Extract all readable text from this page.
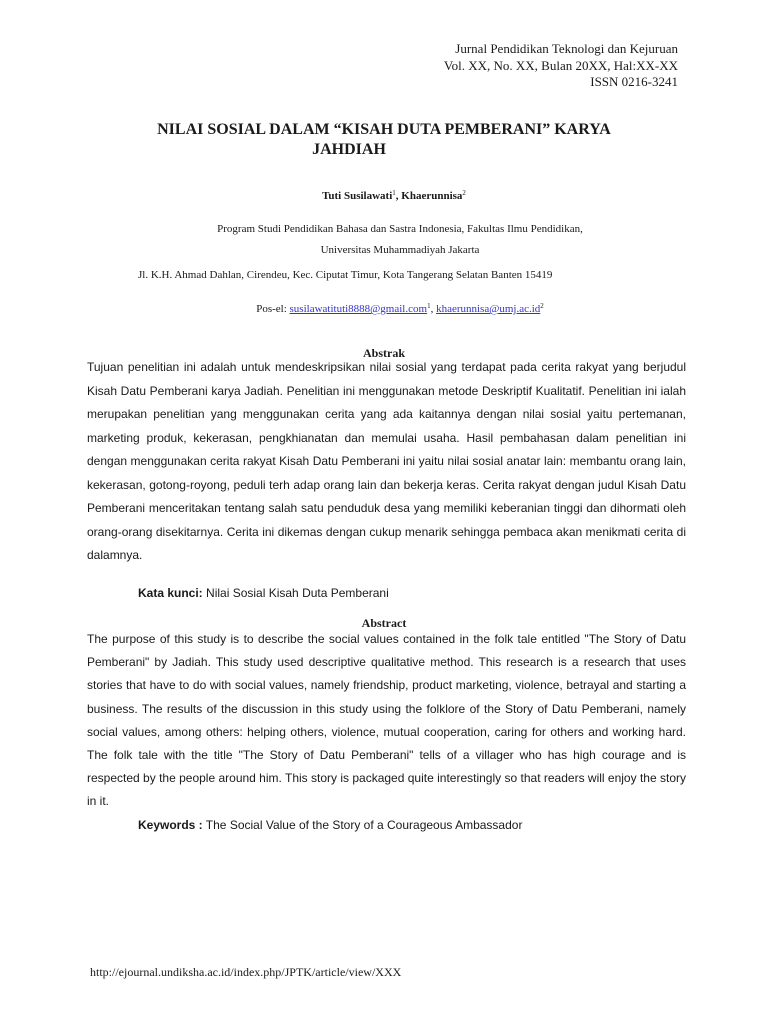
Jurnal Pendidikan Teknologi dan Kejuruan
Vol. XX, No. XX, Bulan 20XX, Hal:XX-XX
ISSN 0216-3241
NILAI SOSIAL DALAM “KISAH DUTA PEMBERANI” KARYA
JAHDIAH
Tuti Susilawati$^1$, Khaerunnisa$^2$
Program Studi Pendidikan Bahasa dan Sastra Indonesia, Fakultas Ilmu Pendidikan,
Universitas Muhammadiyah Jakarta
Jl. K.H. Ahmad Dahlan, Cirendeu, Kec. Ciputat Timur, Kota Tangerang Selatan Banten 15419
Pos-el: susilawatituti8888@gmail.com$^1$, $khaerunnisa@umj.ac.id^2$
Abstrak
Tujuan penelitian ini adalah untuk mendeskripsikan nilai sosial yang terdapat pada cerita rakyat yang berjudul Kisah Datu Pemberani karya Jadiah. Penelitian ini menggunakan metode Deskriptif Kualitatif. Penelitian ini ialah merupakan penelitian yang menggunakan cerita yang ada kaitannya dengan nilai sosial yaitu pertemanan, marketing produk, kekerasan, pengkhianatan dan memulai usaha. Hasil pembahasan dalam penelitian ini dengan menggunakan cerita rakyat Kisah Datu Pemberani ini yaitu nilai sosial anatar lain: membantu orang lain, kekerasan, gotong-royong, peduli terh adap orang lain dan bekerja keras. Cerita rakyat dengan judul Kisah Datu Pemberani menceritakan tentang salah satu penduduk desa yang memiliki keberanian tinggi dan dihormati oleh orang-orang disekitarnya. Cerita ini dikemas dengan cukup menarik sehingga pembaca akan menikmati cerita di dalamnya.
Kata kunci: Nilai Sosial Kisah Duta Pemberani
Abstract
The purpose of this study is to describe the social values contained in the folk tale entitled "The Story of Datu Pemberani" by Jadiah. This study used descriptive qualitative method. This research is a research that uses stories that have to do with social values, namely friendship, product marketing, violence, betrayal and starting a business. The results of the discussion in this study using the folklore of the Story of Datu Pemberani, namely social values, among others: helping others, violence, mutual cooperation, caring for others and working hard. The folk tale with the title "The Story of Datu Pemberani" tells of a villager who has high courage and is respected by the people around him. This story is packaged quite interestingly so that readers will enjoy the story in it.
Keywords : The Social Value of the Story of a Courageous Ambassador
http://ejournal.undiksha.ac.id/index.php/JPTK/article/view/XXX
